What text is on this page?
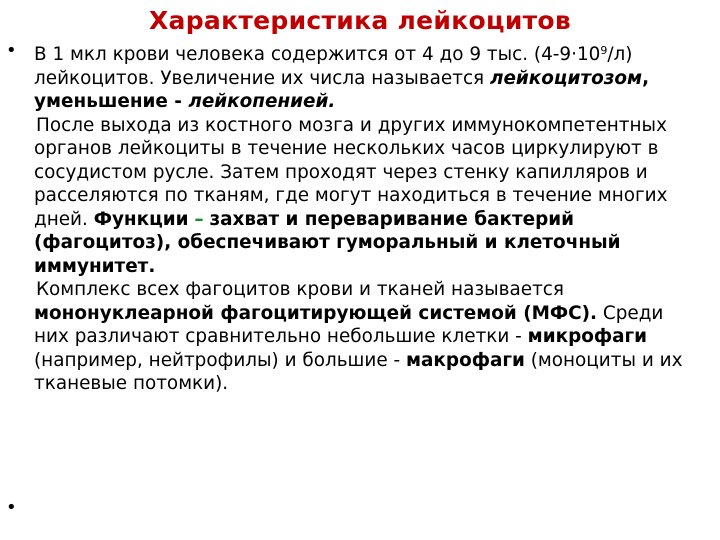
Характеристика лейкоцитов

• В 1 мкл крови человека содержится от 4 до 9 тыс. $(4-9\cdot 10^9/л)$ лейкоцитов. Увеличение их числа называется лейкоцитозом, уменьшение - лейкопенией.

После выхода из костного мозга и других иммунокомпетентных органов лейкоциты в течение нескольких часов циркулируют в сосудистом русле. Затем проходят через стенку капилляров и расселяются по тканям, где могут находиться в течение многих дней. Функции – захват и переваривание бактерий (фагоцитоз), обеспечивают гуморальный и клеточный иммунитет.

Комплекс всех фагоцитов крови и тканей называется мононуклеарной фагоцитирующей системой (МФС). Среди них различают сравнительно небольшие клетки - микрофаги (например, нейтрофилы) и большие - макрофаги (моноциты и их тканевые потомки).

•
